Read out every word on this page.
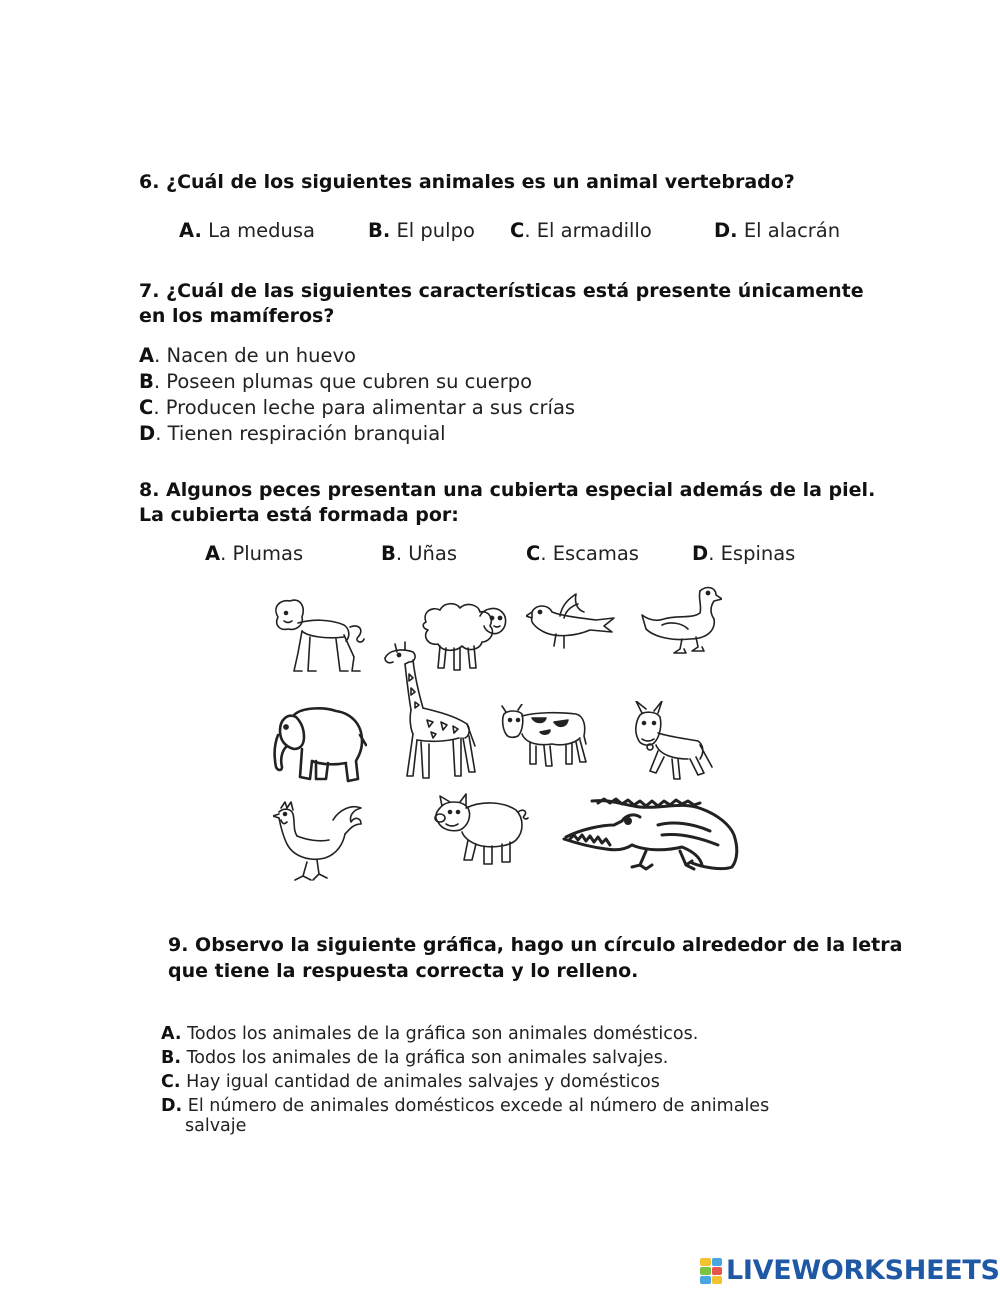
6. ¿Cuál de los siguientes animales es un animal vertebrado?
A. La medusa	B. El pulpo C. El armadillo	D. El alacrán
7. ¿Cuál de las siguientes características está presente únicamente
en los mamíferos?
A. Nacen de un huevo
B. Poseen plumas que cubren su cuerpo
C. Producen leche para alimentar a sus crías
D. Tienen respiración branquial
8. Algunos peces presentan una cubierta especial además de la piel.
La cubierta está formada por:
A. Plumas	B. Uñas	C. Escamas	D. Espinas
9. Observo la siguiente gráfica, hago un círculo alrededor de la letra
que tiene la respuesta correcta y lo relleno.
A. Todos los animales de la gráfica son animales domésticos.
B. Todos los animales de la gráfica son animales salvajes.
C. Hay igual cantidad de animales salvajes y domésticos
D. El número de animales domésticos excede al número de animales
salvaje
LIVEWORKSHEETS
